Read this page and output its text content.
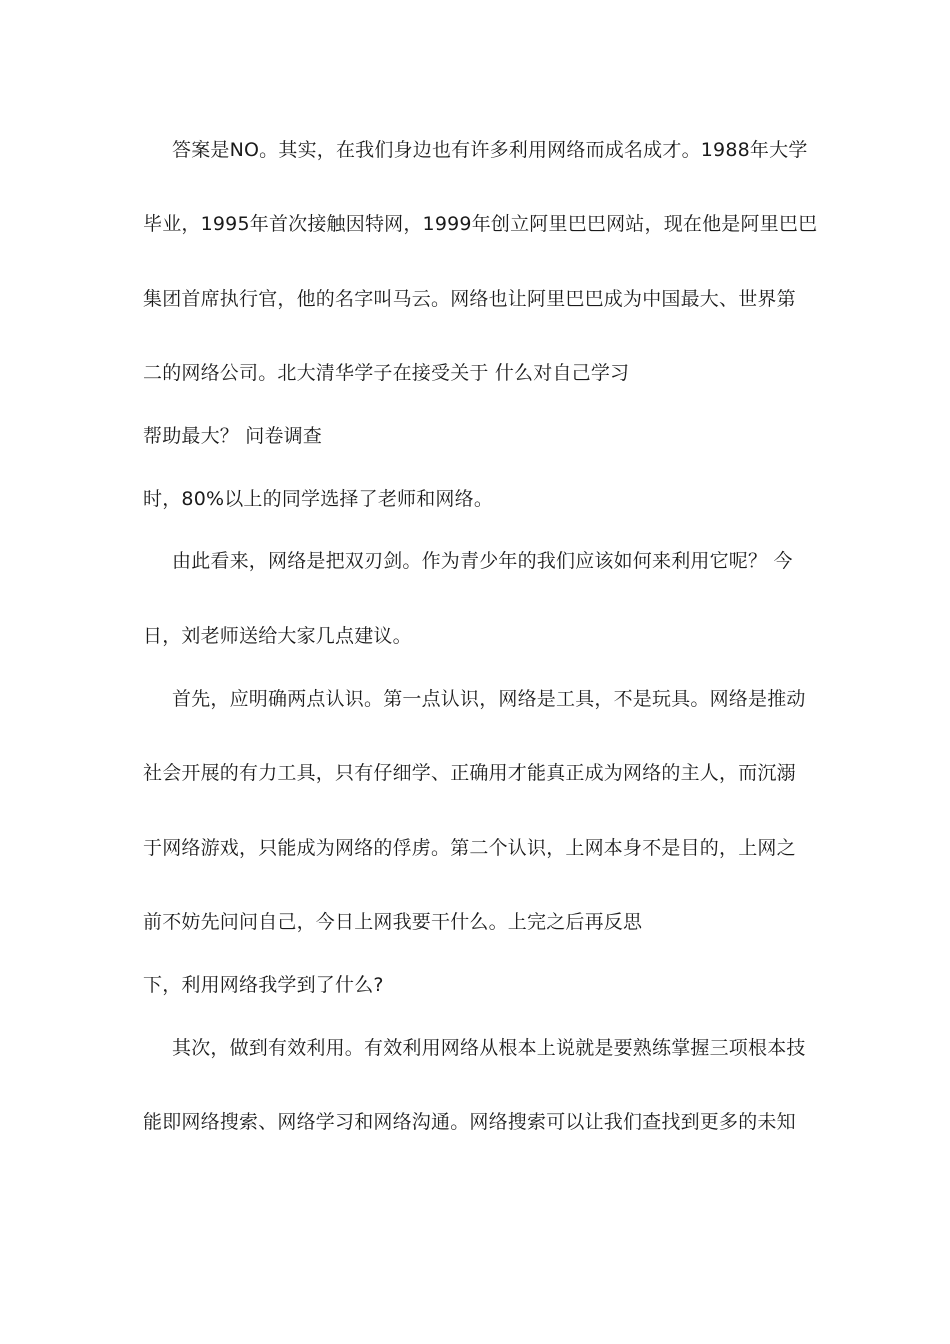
答案是NO。其实，在我们身边也有许多利用网络而成名成才。1988年大学
毕业，1995年首次接触因特网，1999年创立阿里巴巴网站，现在他是阿里巴巴
集团首席执行官，他的名字叫马云。网络也让阿里巴巴成为中国最大、世界第
二的网络公司。北大清华学子在接受关于 什么对自己学习
帮助最大？ 问卷调查
时，80%以上的同学选择了老师和网络。
由此看来，网络是把双刃剑。作为青少年的我们应该如何来利用它呢？ 今
日，刘老师送给大家几点建议。
首先，应明确两点认识。第一点认识，网络是工具，不是玩具。网络是推动
社会开展的有力工具，只有仔细学、正确用才能真正成为网络的主人，而沉溺
于网络游戏，只能成为网络的俘虏。第二个认识，上网本身不是目的，上网之
前不妨先问问自己，今日上网我要干什么。上完之后再反思
下，利用网络我学到了什么?
其次，做到有效利用。有效利用网络从根本上说就是要熟练掌握三项根本技
能即网络搜索、网络学习和网络沟通。网络搜索可以让我们查找到更多的未知
